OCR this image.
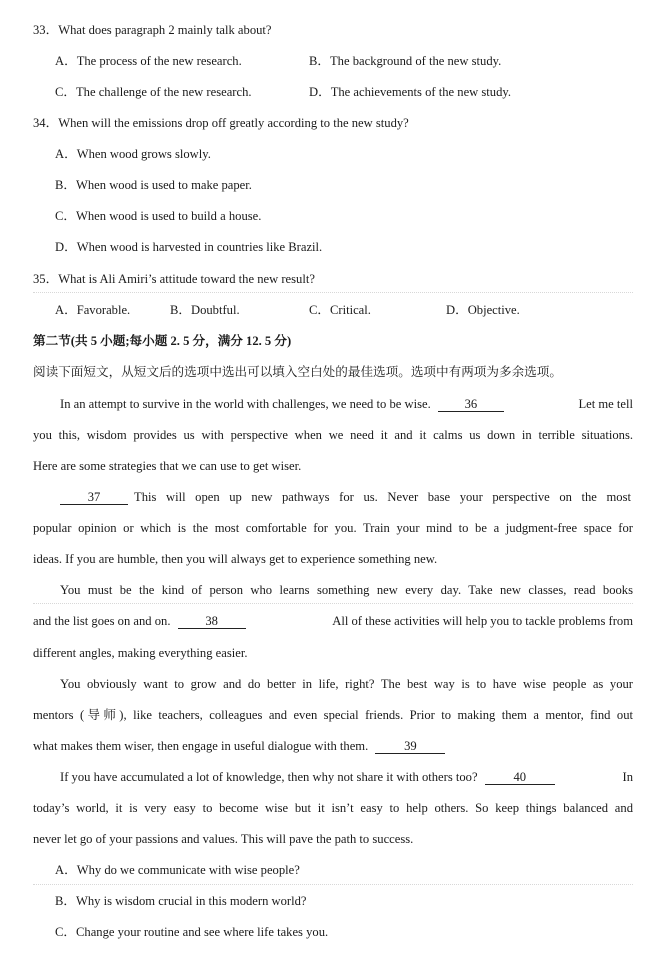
33．What does paragraph 2 mainly talk about?
A．The process of the new research.	B．The background of the new study.
C．The challenge of the new research.	D．The achievements of the new study.
34．When will the emissions drop off greatly according to the new study?
A．When wood grows slowly.
B．When wood is used to make paper.
C．When wood is used to build a house.
D．When wood is harvested in countries like Brazil.
35．What is Ali Amiri’s attitude toward the new result?
A．Favorable.	B．Doubtful.	C．Critical.	D．Objective.
第二节(共 5 小题;每小题 2. 5 分，满分 12. 5 分)
阅读下面短文，从短文后的选项中选出可以填入空白处的最佳选项。选项中有两项为多余选项。
In an attempt to survive in the world with challenges, we need to be wise.	36	Let me tell
you this, wisdom provides us with perspective when we need it and it calms us down in terrible situations.
Here are some strategies that we can use to get wiser.
37	This will open up new pathways for us. Never base your perspective on the most
popular opinion or which is the most comfortable for you. Train your mind to be a judgment-free space for
ideas. If you are humble, then you will always get to experience something new.
You must be the kind of person who learns something new every day. Take new classes, read books
and the list goes on and on.	38	All of these activities will help you to tackle problems from
different angles, making everything easier.
You obviously want to grow and do better in life, right? The best way is to have wise people as your
mentors (导师), like teachers, colleagues and even special friends. Prior to making them a mentor, find out
what makes them wiser, then engage in useful dialogue with them.	39
If you have accumulated a lot of knowledge, then why not share it with others too?	40	In
today’s world, it is very easy to become wise but it isn’t easy to help others. So keep things balanced and
never let go of your passions and values. This will pave the path to success.
A．Why do we communicate with wise people?
B．Why is wisdom crucial in this modern world?
C．Change your routine and see where life takes you.
